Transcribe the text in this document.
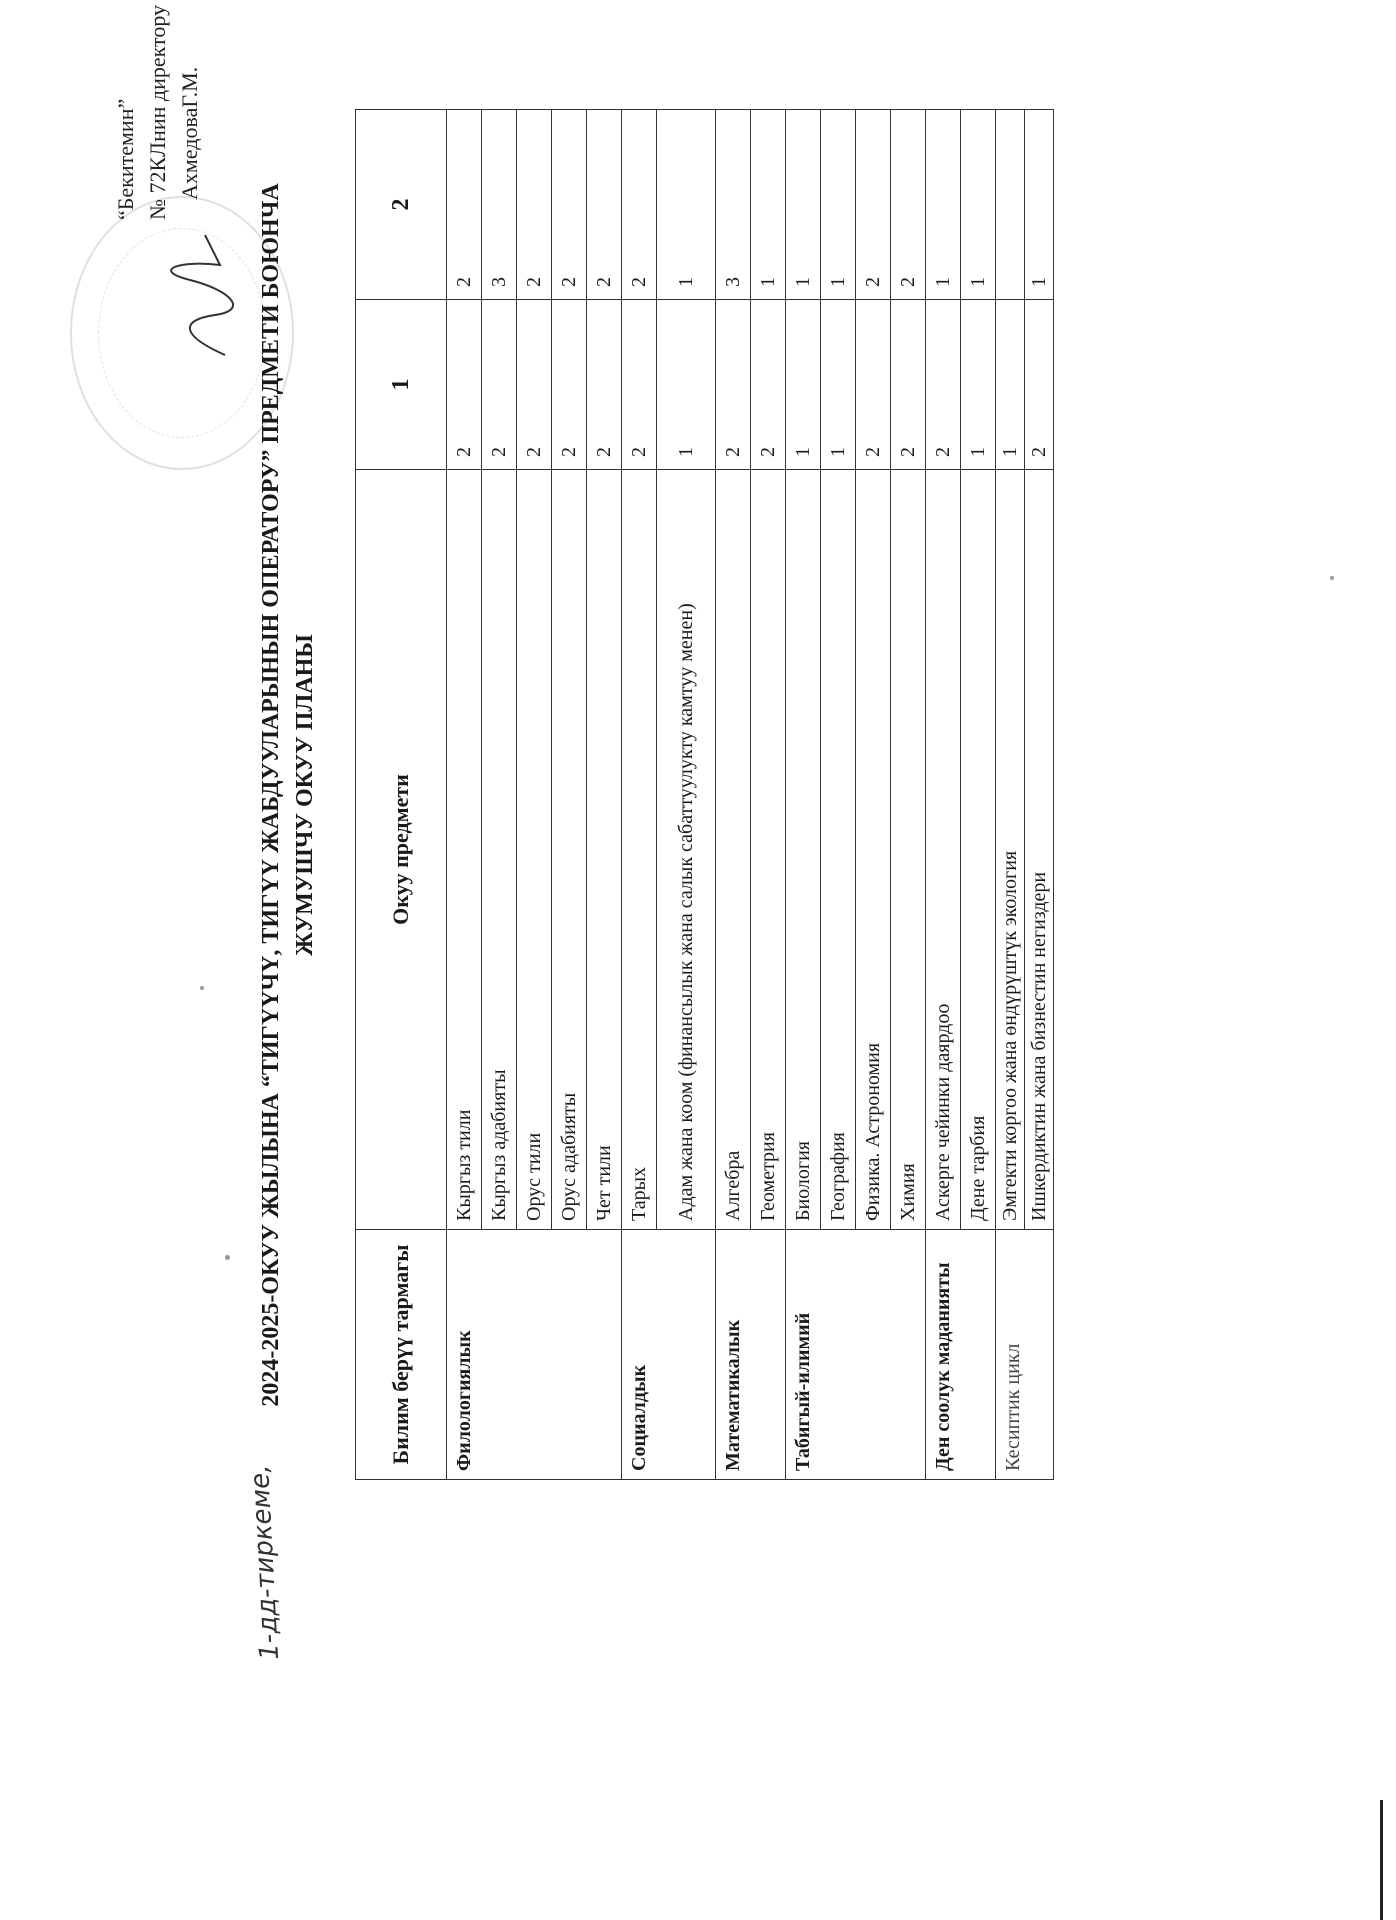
“Бекитемин” № 72КЛнин директору АхмедоваГ.М.
1-дд-тиркеме,
2024-2025-ОКУУ ЖЫЛЫНА “ТИГҮҮЧҮ, ТИГҮҮ ЖАБДУУЛАРЫНЫН ОПЕРАТОРУ” ПРЕДМЕТИ БОЮНЧА ЖУМУШЧУ ОКУУ ПЛАНЫ
Билим берүү тармагы	Окуу предмети	1	2
Филологиялык	Кыргыз тили	2	2
	Кыргыз адабияты	2	3
	Орус тили	2	2
	Орус адабияты	2	2
	Чет тили	2	2
Социалдык	Тарых	2	2
	Адам жана коом (финансылык жана салык сабаттуулукту камтуу менен)	1	1
Математикалык	Алгебра	2	3
	Геометрия	2	1
Табигый-илимий	Биология	1	1
	География	1	1
	Физика. Астрономия	2	2
	Химия	2	2
Ден соолук маданияты	Аскерге чейинки даярдоо	2	1
	Дене тарбия	1	1
Кесиптик цикл	Эмгекти коргоо жана өндүрүштүк экология	1	
	Ишкердиктин жана бизнестин негиздери	2	1
